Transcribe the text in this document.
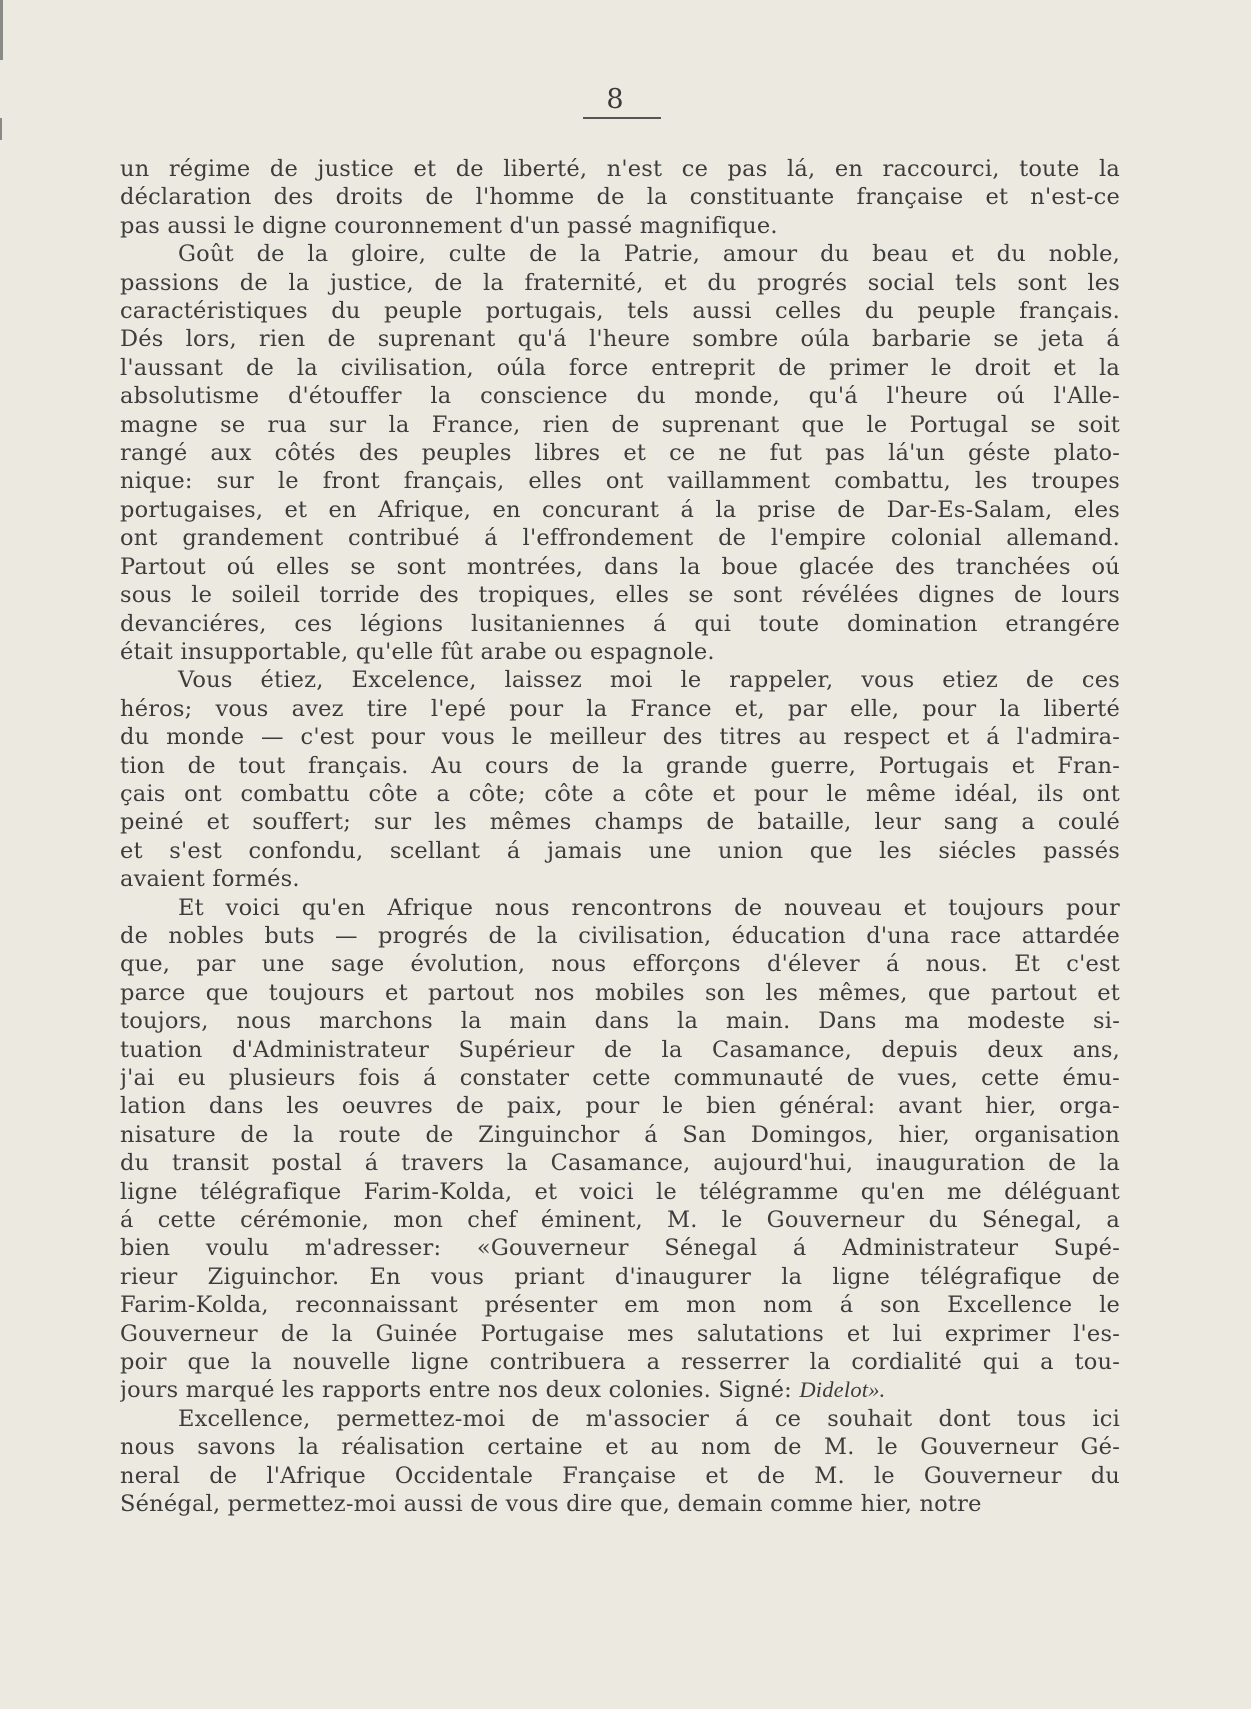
8
un régime de justice et de liberté, n'est ce pas lá, en raccourci, toute la
déclaration des droits de l'homme de la constituante française et n'est-ce
pas aussi le digne couronnement d'un passé magnifique.
Goût de la gloire, culte de la Patrie, amour du beau et du noble,
passions de la justice, de la fraternité, et du progrés social tels sont les
caractéristiques du peuple portugais, tels aussi celles du peuple français.
Dés lors, rien de suprenant qu'á l'heure sombre oúla barbarie se jeta á
l'aussant de la civilisation, oúla force entreprit de primer le droit et la
absolutisme d'étouffer la conscience du monde, qu'á l'heure oú l'Alle-
magne se rua sur la France, rien de suprenant que le Portugal se soit
rangé aux côtés des peuples libres et ce ne fut pas lá'un géste plato-
nique: sur le front français, elles ont vaillamment combattu, les troupes
portugaises, et en Afrique, en concurant á la prise de Dar-Es-Salam, eles
ont grandement contribué á l'effrondement de l'empire colonial allemand.
Partout oú elles se sont montrées, dans la boue glacée des tranchées oú
sous le soileil torride des tropiques, elles se sont révélées dignes de lours
devanciéres, ces légions lusitaniennes á qui toute domination etrangére
était insupportable, qu'elle fût arabe ou espagnole.
Vous étiez, Excelence, laissez moi le rappeler, vous etiez de ces
héros; vous avez tire l'epé pour la France et, par elle, pour la liberté
du monde — c'est pour vous le meilleur des titres au respect et á l'admira-
tion de tout français. Au cours de la grande guerre, Portugais et Fran-
çais ont combattu côte a côte; côte a côte et pour le même idéal, ils ont
peiné et souffert; sur les mêmes champs de bataille, leur sang a coulé
et s'est confondu, scellant á jamais une union que les siécles passés
avaient formés.
Et voici qu'en Afrique nous rencontrons de nouveau et toujours pour
de nobles buts — progrés de la civilisation, éducation d'una race attardée
que, par une sage évolution, nous efforçons d'élever á nous. Et c'est
parce que toujours et partout nos mobiles son les mêmes, que partout et
toujors, nous marchons la main dans la main. Dans ma modeste si-
tuation d'Administrateur Supérieur de la Casamance, depuis deux ans,
j'ai eu plusieurs fois á constater cette communauté de vues, cette ému-
lation dans les oeuvres de paix, pour le bien général: avant hier, orga-
nisature de la route de Zinguinchor á San Domingos, hier, organisation
du transit postal á travers la Casamance, aujourd'hui, inauguration de la
ligne télégrafique Farim-Kolda, et voici le télégramme qu'en me déléguant
á cette cérémonie, mon chef éminent, M. le Gouverneur du Sénegal, a
bien voulu m'adresser: «Gouverneur Sénegal á Administrateur Supé-
rieur Ziguinchor. En vous priant d'inaugurer la ligne télégrafique de
Farim-Kolda, reconnaissant présenter em mon nom á son Excellence le
Gouverneur de la Guinée Portugaise mes salutations et lui exprimer l'es-
poir que la nouvelle ligne contribuera a resserrer la cordialité qui a tou-
jours marqué les rapports entre nos deux colonies. Signé: Didelot».
Excellence, permettez-moi de m'associer á ce souhait dont tous ici
nous savons la réalisation certaine et au nom de M. le Gouverneur Gé-
neral de l'Afrique Occidentale Française et de M. le Gouverneur du
Sénégal, permettez-moi aussi de vous dire que, demain comme hier, notre
